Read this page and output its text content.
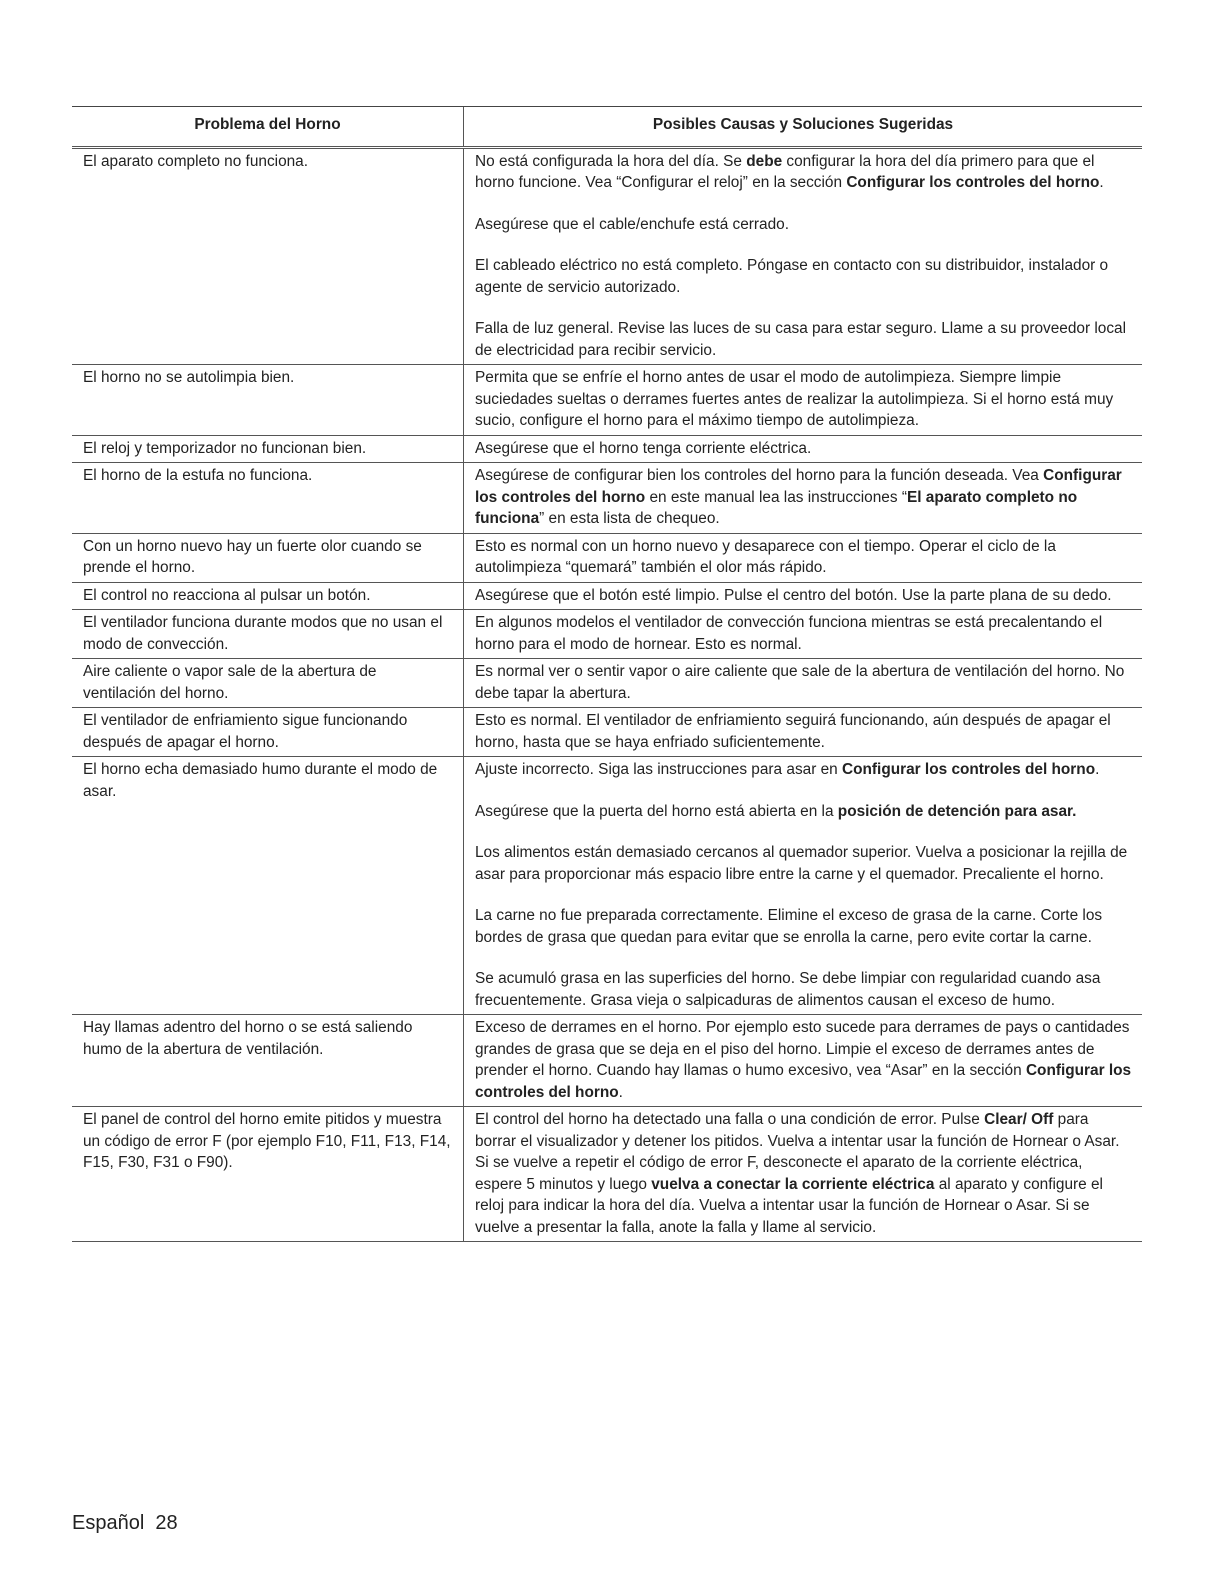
Problema del Horno	Posibles Causas y Soluciones Sugeridas
El aparato completo no funciona.	No está configurada la hora del día. Se debe configurar la hora del día primero para que el horno funcione. Vea “Configurar el reloj” en la sección Configurar los controles del horno.

Asegúrese que el cable/enchufe está cerrado.

El cableado eléctrico no está completo. Póngase en contacto con su distribuidor, instalador o agente de servicio autorizado.

Falla de luz general. Revise las luces de su casa para estar seguro. Llame a su proveedor local de electricidad para recibir servicio.

El horno no se autolimpia bien.	Permita que se enfríe el horno antes de usar el modo de autolimpieza. Siempre limpie suciedades sueltas o derrames fuertes antes de realizar la autolimpieza. Si el horno está muy sucio, configure el horno para el máximo tiempo de autolimpieza.

El reloj y temporizador no funcionan bien.	Asegúrese que el horno tenga corriente eléctrica.

El horno de la estufa no funciona.	Asegúrese de configurar bien los controles del horno para la función deseada. Vea Configurar los controles del horno en este manual lea las instrucciones “El aparato completo no funciona” en esta lista de chequeo.

Con un horno nuevo hay un fuerte olor cuando se prende el horno.	Esto es normal con un horno nuevo y desaparece con el tiempo. Operar el ciclo de la autolimpieza “quemará” también el olor más rápido.

El control no reacciona al pulsar un botón.	Asegúrese que el botón esté limpio. Pulse el centro del botón. Use la parte plana de su dedo.

El ventilador funciona durante modos que no usan el modo de convección.	En algunos modelos el ventilador de convección funciona mientras se está precalentando el horno para el modo de hornear. Esto es normal.

Aire caliente o vapor sale de la abertura de ventilación del horno.	Es normal ver o sentir vapor o aire caliente que sale de la abertura de ventilación del horno. No debe tapar la abertura.

El ventilador de enfriamiento sigue funcionando después de apagar el horno.	Esto es normal. El ventilador de enfriamiento seguirá funcionando, aún después de apagar el horno, hasta que se haya enfriado suficientemente.

El horno echa demasiado humo durante el modo de asar.	Ajuste incorrecto. Siga las instrucciones para asar en Configurar los controles del horno.

Asegúrese que la puerta del horno está abierta en la posición de detención para asar.

Los alimentos están demasiado cercanos al quemador superior. Vuelva a posicionar la rejilla de asar para proporcionar más espacio libre entre la carne y el quemador. Precaliente el horno.

La carne no fue preparada correctamente. Elimine el exceso de grasa de la carne. Corte los bordes de grasa que quedan para evitar que se enrolla la carne, pero evite cortar la carne.

Se acumuló grasa en las superficies del horno. Se debe limpiar con regularidad cuando asa frecuentemente. Grasa vieja o salpicaduras de alimentos causan el exceso de humo.

Hay llamas adentro del horno o se está saliendo humo de la abertura de ventilación.	Exceso de derrames en el horno. Por ejemplo esto sucede para derrames de pays o cantidades grandes de grasa que se deja en el piso del horno. Limpie el exceso de derrames antes de prender el horno. Cuando hay llamas o humo excesivo, vea “Asar” en la sección Configurar los controles del horno.

El panel de control del horno emite pitidos y muestra un código de error F (por ejemplo F10, F11, F13, F14, F15, F30, F31 o F90).	El control del horno ha detectado una falla o una condición de error. Pulse Clear/ Off para borrar el visualizador y detener los pitidos. Vuelva a intentar usar la función de Hornear o Asar. Si se vuelve a repetir el código de error F, desconecte el aparato de la corriente eléctrica, espere 5 minutos y luego vuelva a conectar la corriente eléctrica al aparato y configure el reloj para indicar la hora del día. Vuelva a intentar usar la función de Hornear o Asar. Si se vuelve a presentar la falla, anote la falla y llame al servicio.

Español 28
